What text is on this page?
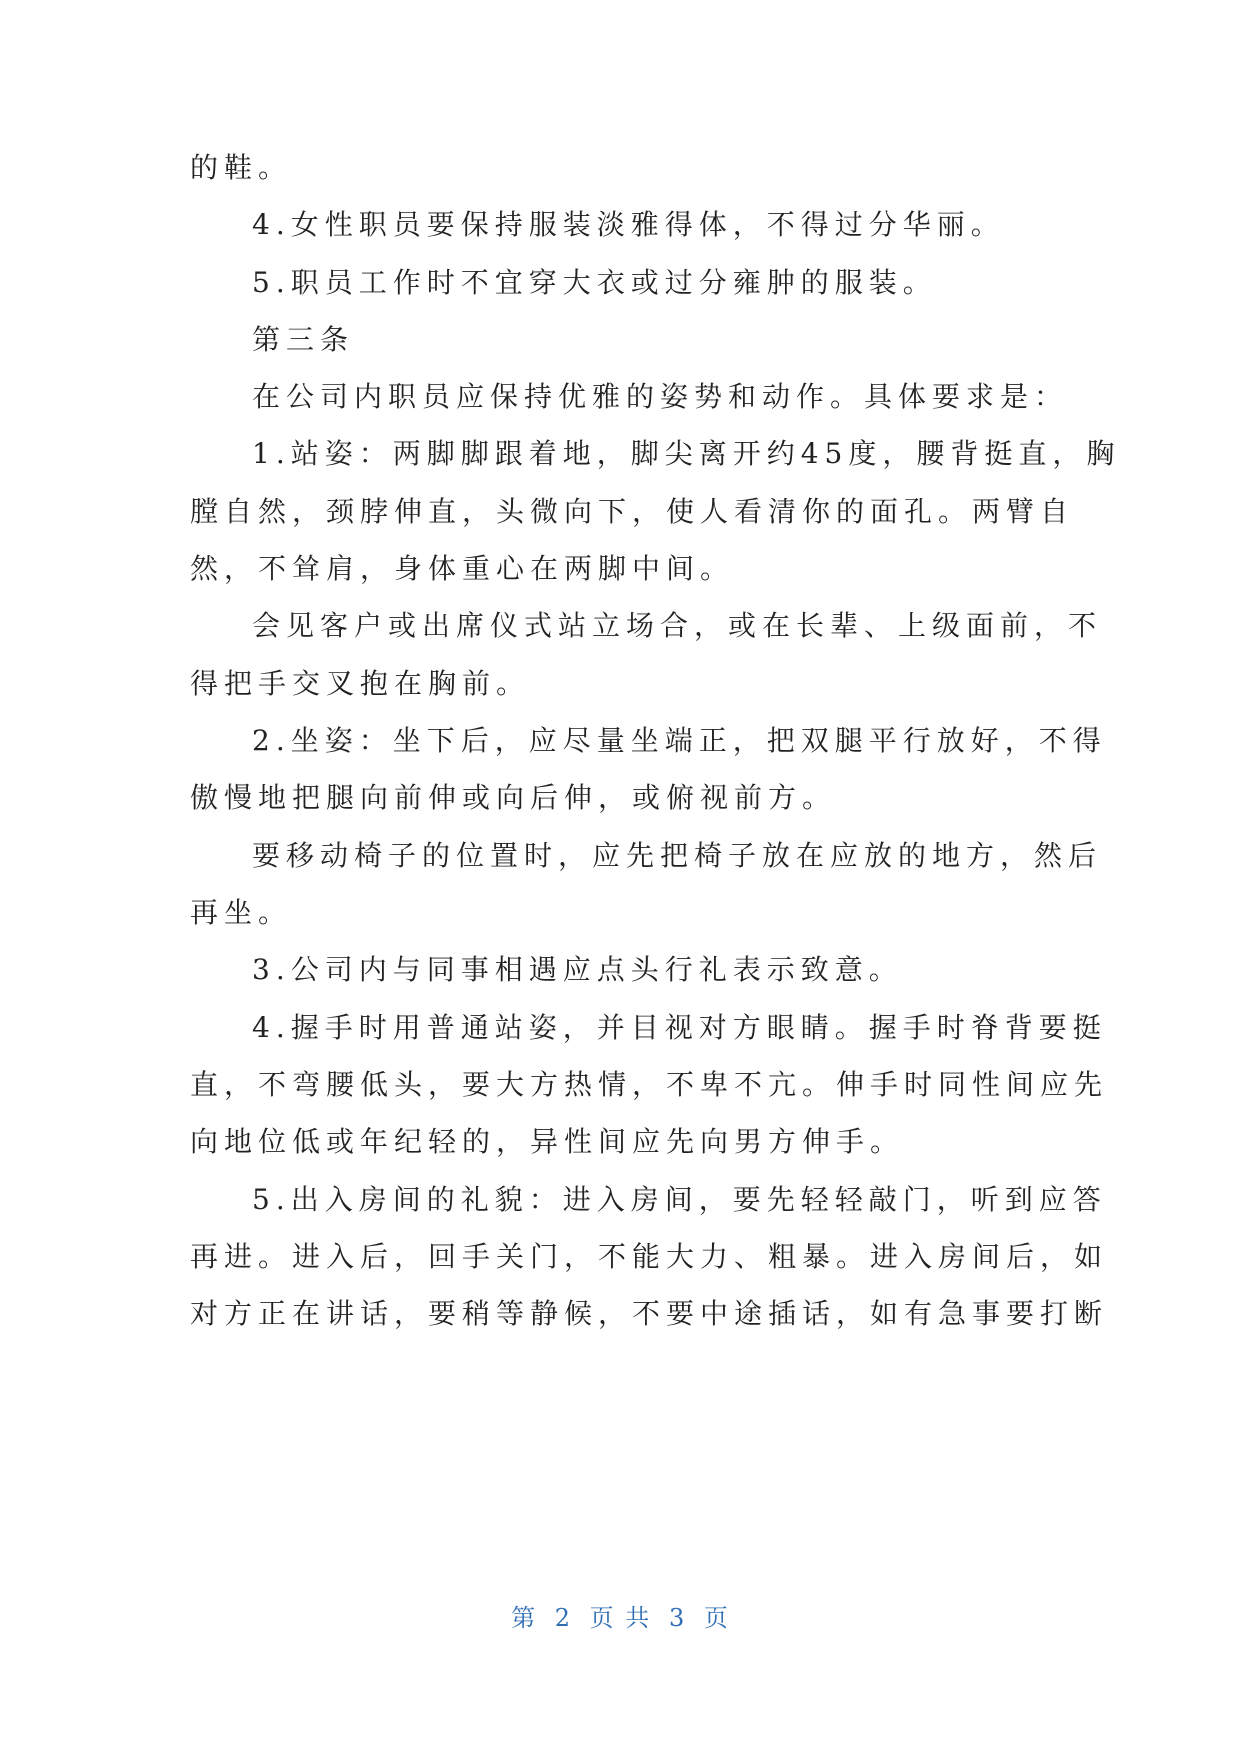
的鞋。
4.女性职员要保持服装淡雅得体，不得过分华丽。
5.职员工作时不宜穿大衣或过分雍肿的服装。
第三条
在公司内职员应保持优雅的姿势和动作。具体要求是：
1.站姿：两脚脚跟着地，脚尖离开约45度，腰背挺直，胸
膛自然，颈脖伸直，头微向下，使人看清你的面孔。两臂自
然，不耸肩，身体重心在两脚中间。
会见客户或出席仪式站立场合，或在长辈、上级面前，不
得把手交叉抱在胸前。
2.坐姿：坐下后，应尽量坐端正，把双腿平行放好，不得
傲慢地把腿向前伸或向后伸，或俯视前方。
要移动椅子的位置时，应先把椅子放在应放的地方，然后
再坐。
3.公司内与同事相遇应点头行礼表示致意。
4.握手时用普通站姿，并目视对方眼睛。握手时脊背要挺
直，不弯腰低头，要大方热情，不卑不亢。伸手时同性间应先
向地位低或年纪轻的，异性间应先向男方伸手。
5.出入房间的礼貌：进入房间，要先轻轻敲门，听到应答
再进。进入后，回手关门，不能大力、粗暴。进入房间后，如
对方正在讲话，要稍等静候，不要中途插话，如有急事要打断
第 2 页 共 3 页
